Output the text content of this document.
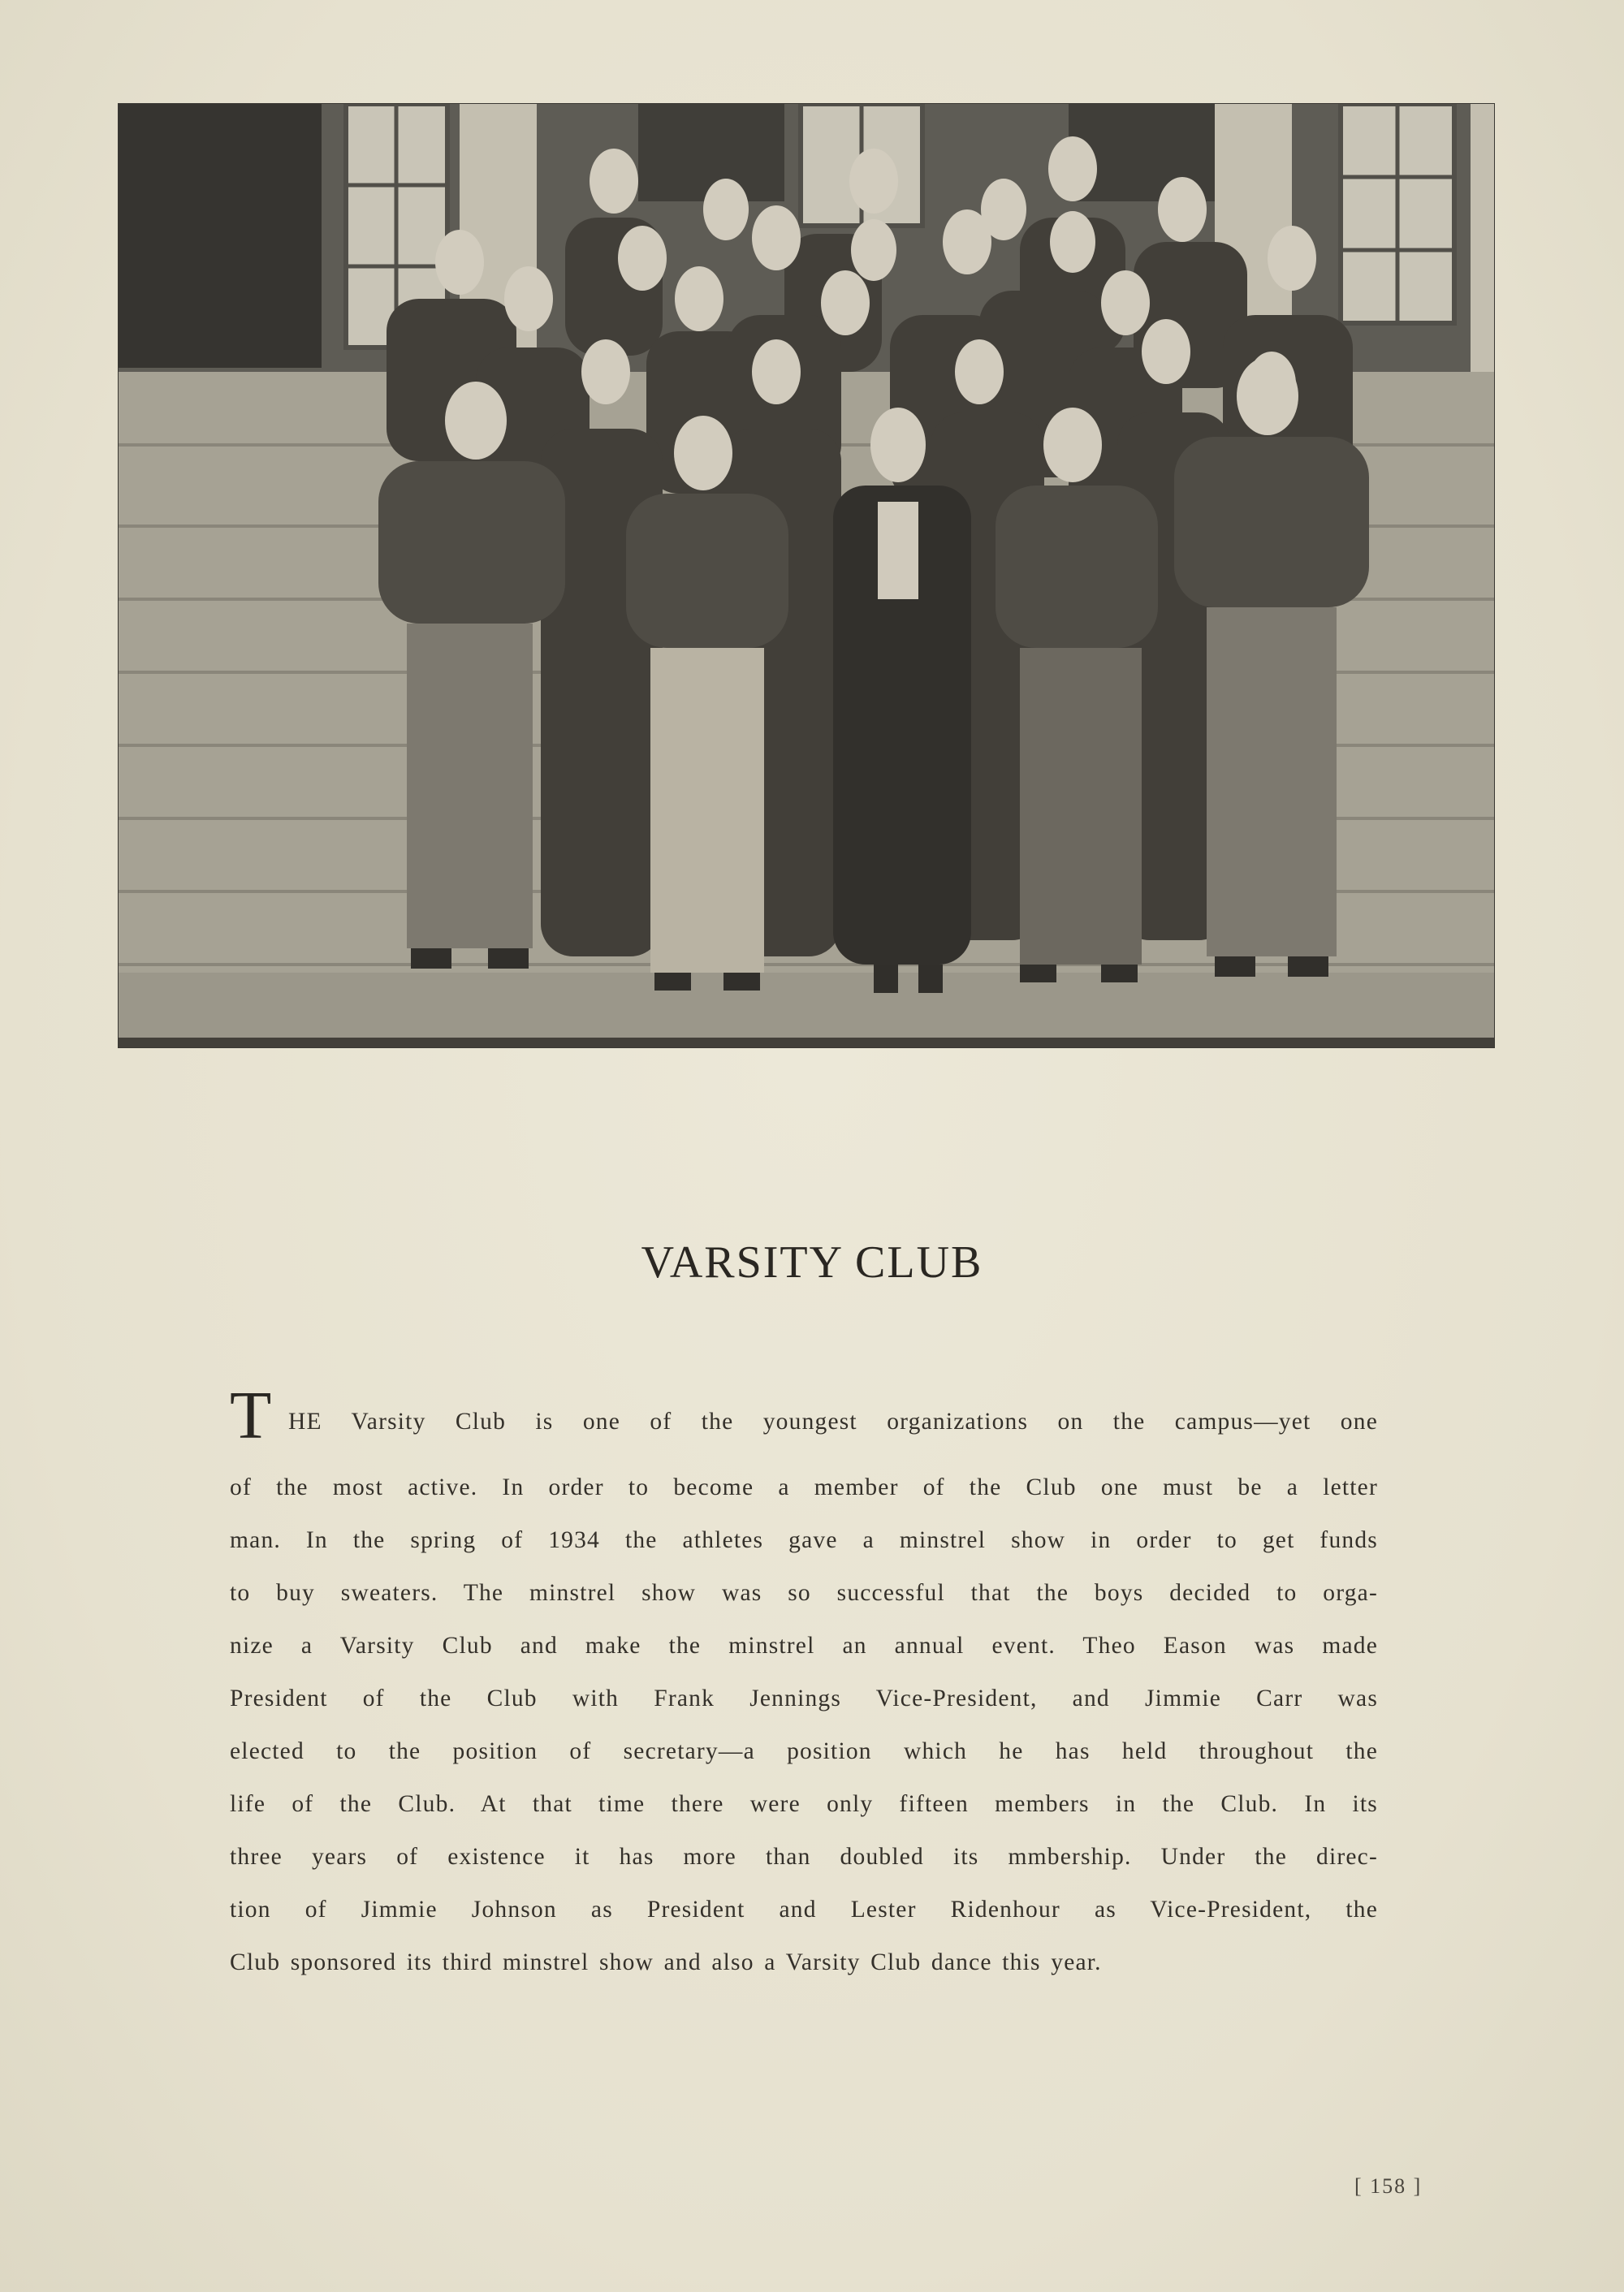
VARSITY CLUB
T HE Varsity Club is one of the youngest organizations on the campus—yet one
of the most active. In order to become a member of the Club one must be a letter
man. In the spring of 1934 the athletes gave a minstrel show in order to get funds
to buy sweaters. The minstrel show was so successful that the boys decided to orga-
nize a Varsity Club and make the minstrel an annual event. Theo Eason was made
President of the Club with Frank Jennings Vice-President, and Jimmie Carr was
elected to the position of secretary—a position which he has held throughout the
life of the Club. At that time there were only fifteen members in the Club. In its
three years of existence it has more than doubled its mmbership. Under the direc-
tion of Jimmie Johnson as President and Lester Ridenhour as Vice-President, the
Club sponsored its third minstrel show and also a Varsity Club dance this year.
[ 158 ]
